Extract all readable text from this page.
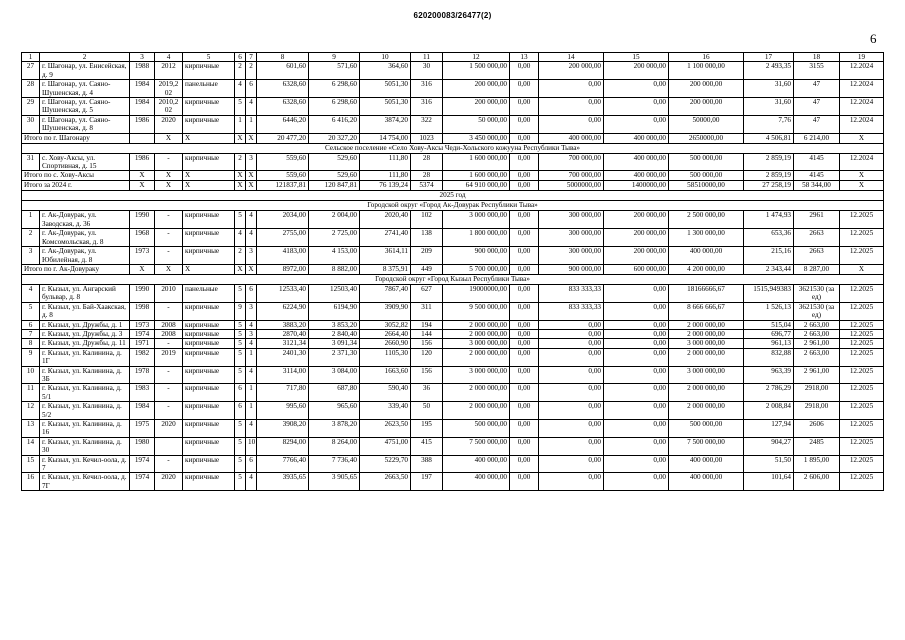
620200083/26477(2)
6
1	2	3	4	5	6	7	8	9	10	11	12	13	14	15	16	17	18	19
27	г. Шагонар, ул. Енисейская, д. 9	1988	2012	кирпичные	2	2	601,60	571,60	364,60	30	1 500 000,00	0,00	200 000,00	200 000,00	1 100 000,00	2 493,35	3155	12.2024
28	г. Шагонар, ул. Саяно-Шушенская, д. 4	1984	2019,2 02	панельные	4	6	6328,60	6 298,60	5051,30	316	200 000,00	0,00	0,00	0,00	200 000,00	31,60	47	12.2024
29	г. Шагонар, ул. Саяно-Шушенская, д. 5	1984	2010,2 02	кирпичные	5	4	6328,60	6 298,60	5051,30	316	200 000,00	0,00	0,00	0,00	200 000,00	31,60	47	12.2024
30	г. Шагонар, ул. Саяно-Шушенская, д. 8	1986	2020	кирпичные	1	1	6446,20	6 416,20	3874,20	322	50 000,00	0,00	0,00	0,00	50000,00	7,76	47	12.2024
Итого по г. Шагонару			X	X	X	X	20 477,20	20 327,20	14 754,00	1023	3 450 000,00	0,00	400 000,00	400 000,00	2650000,00	4 506,81	6 214,00	X
Сельское поселение «Село Хову-Аксы Чеди-Хольского кожууна Республики Тыва»																		
31	с. Хову-Аксы, ул. Спортивная, д. 15	1986	-	кирпичные	2	3	559,60	529,60	111,80	28	1 600 000,00	0,00	700 000,00	400 000,00	500 000,00	2 859,19	4145	12.2024
Итого по с. Хову-Аксы		X	X	X	X	X	559,60	529,60	111,80	28	1 600 000,00	0,00	700 000,00	400 000,00	500 000,00	2 859,19	4145	X
Итого за 2024 г.		X	X	X	X	X	121837,81	120 847,81	76 139,24	5374	64 910 000,00	0,00	5000000,00	1400000,00	58510000,00	27 258,19	58 344,00	X
2025 год																		
Городской округ «Город Ак-Довурак Республики Тыва»																		
1	г. Ак-Довурак, ул. Заводская, д. 36	1990	-	кирпичные	5	4	2034,00	2 004,00	2020,40	102	3 000 000,00	0,00	300 000,00	200 000,00	2 500 000,00	1 474,93	2961	12.2025
2	г. Ак-Довурак, ул. Комсомольская, д. 8	1968	-	кирпичные	4	4	2755,00	2 725,00	2741,40	138	1 800 000,00	0,00	300 000,00	200 000,00	1 300 000,00	653,36	2663	12.2025
3	г. Ак-Довурак, ул. Юбилейная, д. 8	1973	-	кирпичные	2	3	4183,00	4 153,00	3614,11	209	900 000,00	0,00	300 000,00	200 000,00	400 000,00	215,16	2663	12.2025
Итого по г. Ак-Довураку		X	X	X	X	X	8972,00	8 882,00	8 375,91	449	5 700 000,00	0,00	900 000,00	600 000,00	4 200 000,00	2 343,44	8 287,00	X
Городской округ «Город Кызыл Республики Тыва»																		
4	г. Кызыл, ул. Ангарский бульвар, д. 8	1990	2010	панельные	5	6	12533,40	12503,40	7867,40	627	19000000,00	0,00	833 333,33	0,00	18166666,67	1515,949383	3621530 (за ед)	12.2025
5	г. Кызыл, ул. Бай-Хаакская, д. 8	1998	-	кирпичные	9	3	6224,90	6194,90	3909,90	311	9 500 000,00	0,00	833 333,33	0,00	8 666 666,67	1 526,13	3621530 (за ед)	12.2025
6	г. Кызыл, ул. Дружбы, д. 1	1973	2008	кирпичные	5	4	3883,20	3 853,20	3052,82	194	2 000 000,00	0,00	0,00	0,00	2 000 000,00	515,04	2 663,00	12.2025
7	г. Кызыл, ул. Дружбы, д. 3	1974	2008	кирпичные	5	3	2870,40	2 840,40	2664,40	144	2 000 000,00	0,00	0,00	0,00	2 000 000,00	696,77	2 663,00	12.2025
8	г. Кызыл, ул. Дружбы, д. 11	1971	-	кирпичные	5	4	3121,34	3 091,34	2660,90	156	3 000 000,00	0,00	0,00	0,00	3 000 000,00	961,13	2 961,00	12.2025
9	г. Кызыл, ул. Калинина, д. 1Г	1982	2019	кирпичные	5	1	2401,30	2 371,30	1105,30	120	2 000 000,00	0,00	0,00	0,00	2 000 000,00	832,88	2 663,00	12.2025
10	г. Кызыл, ул. Калинина, д. 3Б	1978	-	кирпичные	5	4	3114,00	3 084,00	1663,60	156	3 000 000,00	0,00	0,00	0,00	3 000 000,00	963,39	2 961,00	12.2025
11	г. Кызыл, ул. Калинина, д. 5/1	1983	-	кирпичные	6	1	717,80	687,80	590,40	36	2 000 000,00	0,00	0,00	0,00	2 000 000,00	2 786,29	2918,00	12.2025
12	г. Кызыл, ул. Калинина, д. 5/2	1984	-	кирпичные	6	1	995,60	965,60	339,40	50	2 000 000,00	0,00	0,00	0,00	2 000 000,00	2 008,84	2918,00	12.2025
13	г. Кызыл, ул. Калинина, д. 16	1975	2020	кирпичные	5	4	3908,20	3 878,20	2623,50	195	500 000,00	0,00	0,00	0,00	500 000,00	127,94	2606	12.2025
14	г. Кызыл, ул. Калинина, д. 30	1980		кирпичные	5	10	8294,00	8 264,00	4751,00	415	7 500 000,00	0,00	0,00	0,00	7 500 000,00	904,27	2485	12.2025
15	г. Кызыл, ул. Кечил-оола, д. 7	1974	-	кирпичные	5	6	7766,40	7 736,40	5229,70	388	400 000,00	0,00	0,00	0,00	400 000,00	51,50	1 895,00	12.2025
16	г. Кызыл, ул. Кечил-оола, д. 7Г	1974	2020	кирпичные	5	4	3935,65	3 905,65	2663,50	197	400 000,00	0,00	0,00	0,00	400 000,00	101,64	2 606,00	12.2025
